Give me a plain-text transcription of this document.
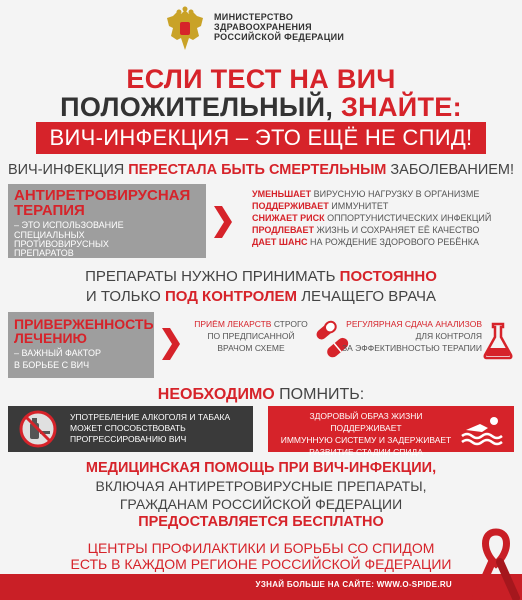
МИНИСТЕРСТВО
ЗДРАВООХРАНЕНИЯ
РОССИЙСКОЙ ФЕДЕРАЦИИ
ЕСЛИ ТЕСТ НА ВИЧ
ПОЛОЖИТЕЛЬНЫЙ, ЗНАЙТЕ:
ВИЧ-ИНФЕКЦИЯ – ЭТО ЕЩЁ НЕ СПИД!
ВИЧ-ИНФЕКЦИЯ ПЕРЕСТАЛА БЫТЬ СМЕРТЕЛЬНЫМ ЗАБОЛЕВАНИЕМ!
АНТИРЕТРОВИРУСНАЯ
ТЕРАПИЯ
– ЭТО ИСПОЛЬЗОВАНИЕ
СПЕЦИАЛЬНЫХ
ПРОТИВОВИРУСНЫХ
ПРЕПАРАТОВ
УМЕНЬШАЕТ ВИРУСНУЮ НАГРУЗКУ В ОРГАНИЗМЕ
ПОДДЕРЖИВАЕТ ИММУНИТЕТ
СНИЖАЕТ РИСК ОППОРТУНИСТИЧЕСКИХ ИНФЕКЦИЙ
ПРОДЛЕВАЕТ ЖИЗНЬ И СОХРАНЯЕТ ЕЁ КАЧЕСТВО
ДАЕТ ШАНС НА РОЖДЕНИЕ ЗДОРОВОГО РЕБЁНКА
ПРЕПАРАТЫ НУЖНО ПРИНИМАТЬ ПОСТОЯННО
И ТОЛЬКО ПОД КОНТРОЛЕМ ЛЕЧАЩЕГО ВРАЧА
ПРИВЕРЖЕННОСТЬ
ЛЕЧЕНИЮ
– ВАЖНЫЙ ФАКТОР
В БОРЬБЕ С ВИЧ
ПРИЁМ ЛЕКАРСТВ СТРОГО
ПО ПРЕДПИСАННОЙ
ВРАЧОМ СХЕМЕ
РЕГУЛЯРНАЯ СДАЧА АНАЛИЗОВ
ДЛЯ КОНТРОЛЯ
ЗА ЭФФЕКТИВНОСТЬЮ ТЕРАПИИ
НЕОБХОДИМО ПОМНИТЬ:
УПОТРЕБЛЕНИЕ АЛКОГОЛЯ И ТАБАКА
МОЖЕТ СПОСОБСТВОВАТЬ
ПРОГРЕССИРОВАНИЮ ВИЧ
ЗДОРОВЫЙ ОБРАЗ ЖИЗНИ ПОДДЕРЖИВАЕТ
ИММУННУЮ СИСТЕМУ И ЗАДЕРЖИВАЕТ
РАЗВИТИЕ СТАДИИ СПИДА
МЕДИЦИНСКАЯ ПОМОЩЬ ПРИ ВИЧ-ИНФЕКЦИИ,
ВКЛЮЧАЯ АНТИРЕТРОВИРУСНЫЕ ПРЕПАРАТЫ,
ГРАЖДАНАМ РОССИЙСКОЙ ФЕДЕРАЦИИ
ПРЕДОСТАВЛЯЕТСЯ БЕСПЛАТНО
ЦЕНТРЫ ПРОФИЛАКТИКИ И БОРЬБЫ СО СПИДОМ
ЕСТЬ В КАЖДОМ РЕГИОНЕ РОССИЙСКОЙ ФЕДЕРАЦИИ
УЗНАЙ БОЛЬШЕ НА САЙТЕ: WWW.O-SPIDE.RU
